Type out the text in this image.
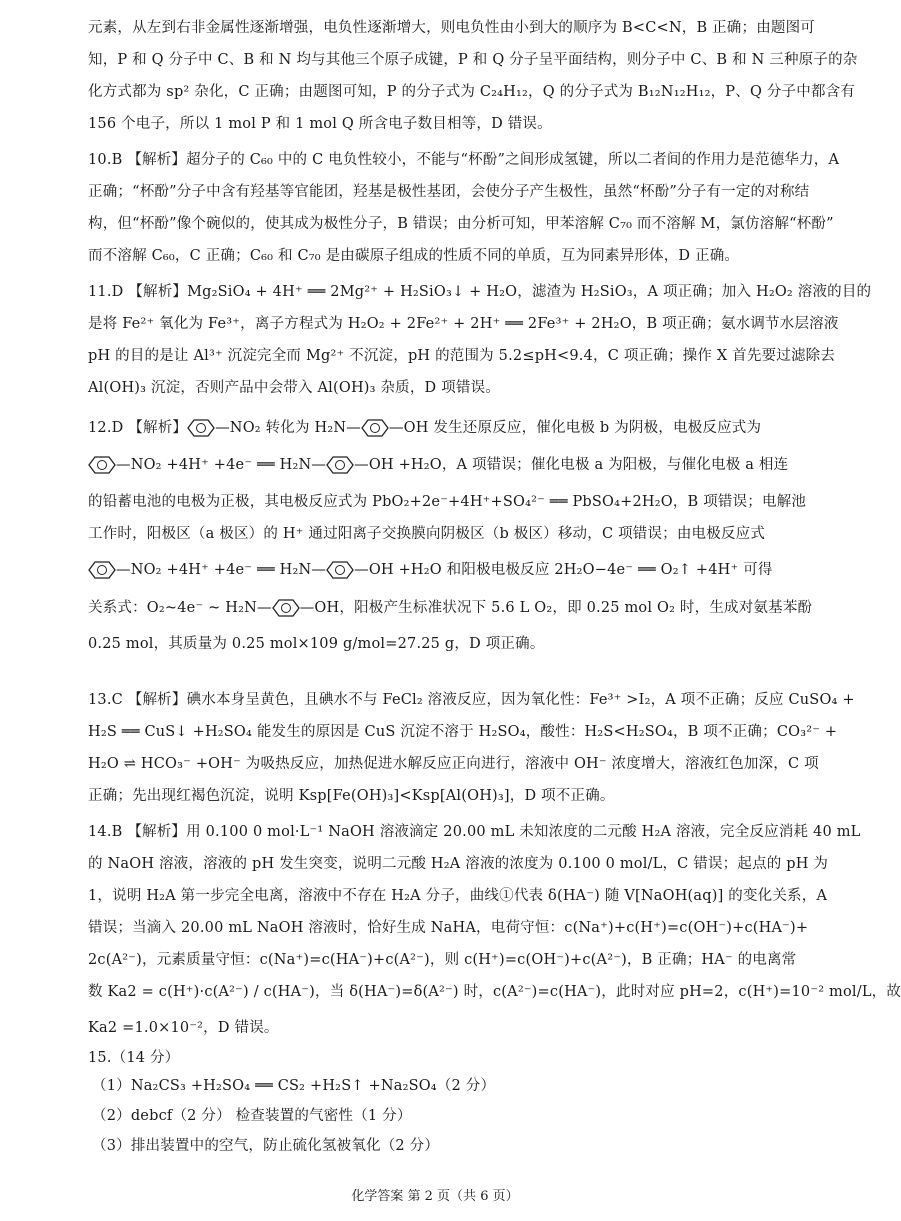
元素，从左到右非金属性逐渐增强，电负性逐渐增大，则电负性由小到大的顺序为 B<C<N，B 正确；由题图可
知，P 和 Q 分子中 C、B 和 N 均与其他三个原子成键，P 和 Q 分子呈平面结构，则分子中 C、B 和 N 三种原子的杂
化方式都为 sp² 杂化，C 正确；由题图可知，P 的分子式为 C₂₄H₁₂，Q 的分子式为 B₁₂N₁₂H₁₂，P、Q 分子中都含有
156 个电子，所以 1 mol P 和 1 mol Q 所含电子数目相等，D 错误。
10.B 【解析】超分子的 C₆₀ 中的 C 电负性较小，不能与“杯酚”之间形成氢键，所以二者间的作用力是范德华力，A
正确；“杯酚”分子中含有羟基等官能团，羟基是极性基团，会使分子产生极性，虽然“杯酚”分子有一定的对称结
构，但“杯酚”像个碗似的，使其成为极性分子，B 错误；由分析可知，甲苯溶解 C₇₀ 而不溶解 M，氯仿溶解“杯酚”
而不溶解 C₆₀，C 正确；C₆₀ 和 C₇₀ 是由碳原子组成的性质不同的单质，互为同素异形体，D 正确。
11.D 【解析】Mg₂SiO₄ + 4H⁺ ══ 2Mg²⁺ + H₂SiO₃↓ + H₂O，滤渣为 H₂SiO₃，A 项正确；加入 H₂O₂ 溶液的目的
是将 Fe²⁺ 氧化为 Fe³⁺，离子方程式为 H₂O₂ + 2Fe²⁺ + 2H⁺ ══ 2Fe³⁺ + 2H₂O，B 项正确；氨水调节水层溶液
pH 的目的是让 Al³⁺ 沉淀完全而 Mg²⁺ 不沉淀，pH 的范围为 5.2≤pH<9.4，C 项正确；操作 X 首先要过滤除去
Al(OH)₃ 沉淀，否则产品中会带入 Al(OH)₃ 杂质，D 项错误。
12.D 【解析】 —NO₂ 转化为 H₂N— —OH 发生还原反应，催化电极 b 为阴极，电极反应式为
—NO₂ +4H⁺ +4e⁻ ══ H₂N— —OH +H₂O，A 项错误；催化电极 a 为阳极，与催化电极 a 相连
的铅蓄电池的电极为正极，其电极反应式为 PbO₂+2e⁻+4H⁺+SO₄²⁻ ══ PbSO₄+2H₂O，B 项错误；电解池
工作时，阳极区（a 极区）的 H⁺ 通过阳离子交换膜向阴极区（b 极区）移动，C 项错误；由电极反应式
—NO₂ +4H⁺ +4e⁻ ══ H₂N— —OH +H₂O 和阳极电极反应 2H₂O−4e⁻ ══ O₂↑ +4H⁺ 可得
关系式：O₂~4e⁻ ~ H₂N— —OH，阳极产生标准状况下 5.6 L O₂，即 0.25 mol O₂ 时，生成对氨基苯酚
0.25 mol，其质量为 0.25 mol×109 g/mol=27.25 g，D 项正确。
13.C 【解析】碘水本身呈黄色，且碘水不与 FeCl₂ 溶液反应，因为氧化性：Fe³⁺ >I₂，A 项不正确；反应 CuSO₄ +
H₂S ══ CuS↓ +H₂SO₄ 能发生的原因是 CuS 沉淀不溶于 H₂SO₄，酸性：H₂S<H₂SO₄，B 项不正确；CO₃²⁻ +
H₂O ⇌ HCO₃⁻ +OH⁻ 为吸热反应，加热促进水解反应正向进行，溶液中 OH⁻ 浓度增大，溶液红色加深，C 项
正确；先出现红褐色沉淀，说明 Ksp[Fe(OH)₃]<Ksp[Al(OH)₃]，D 项不正确。
14.B 【解析】用 0.100 0 mol·L⁻¹ NaOH 溶液滴定 20.00 mL 未知浓度的二元酸 H₂A 溶液，完全反应消耗 40 mL
的 NaOH 溶液，溶液的 pH 发生突变，说明二元酸 H₂A 溶液的浓度为 0.100 0 mol/L，C 错误；起点的 pH 为
1，说明 H₂A 第一步完全电离，溶液中不存在 H₂A 分子，曲线①代表 δ(HA⁻) 随 V[NaOH(aq)] 的变化关系，A
错误；当滴入 20.00 mL NaOH 溶液时，恰好生成 NaHA，电荷守恒：c(Na⁺)+c(H⁺)=c(OH⁻)+c(HA⁻)+
2c(A²⁻)，元素质量守恒：c(Na⁺)=c(HA⁻)+c(A²⁻)，则 c(H⁺)=c(OH⁻)+c(A²⁻)，B 正确；HA⁻ 的电离常
数 Ka2 = c(H⁺)·c(A²⁻) / c(HA⁻)，当 δ(HA⁻)=δ(A²⁻) 时，c(A²⁻)=c(HA⁻)，此时对应 pH=2，c(H⁺)=10⁻² mol/L，故
Ka2 =1.0×10⁻²，D 错误。
15.（14 分）
（1）Na₂CS₃ +H₂SO₄ ══ CS₂ +H₂S↑ +Na₂SO₄（2 分）
（2）debcf（2 分） 检查装置的气密性（1 分）
（3）排出装置中的空气，防止硫化氢被氧化（2 分）
化学答案 第 2 页（共 6 页）
